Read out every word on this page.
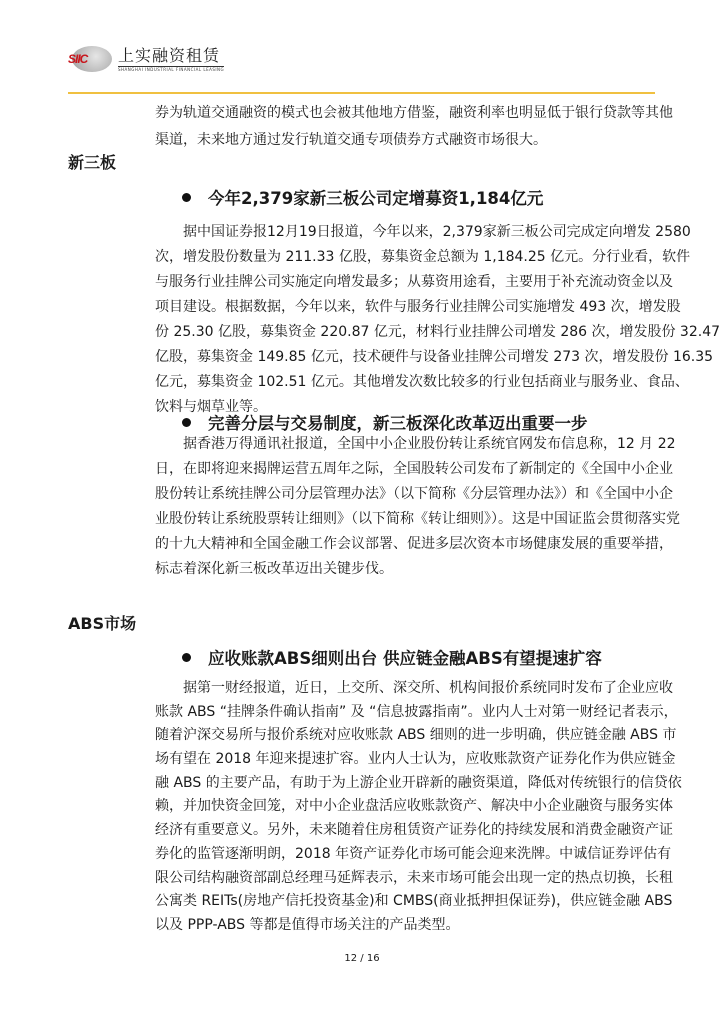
SIIC 上实融资租赁
SHANGHAI INDUSTRIAL FINANCIAL LEASING
券为轨道交通融资的模式也会被其他地方借鉴，融资利率也明显低于银行贷款等其他
渠道，未来地方通过发行轨道交通专项债券方式融资市场很大。
新三板
今年2,379家新三板公司定增募资1,184亿元
　　据中国证券报12月19日报道，今年以来，2,379家新三板公司完成定向增发 2580
次，增发股份数量为 211.33 亿股，募集资金总额为 1,184.25 亿元。分行业看，软件
与服务行业挂牌公司实施定向增发最多；从募资用途看，主要用于补充流动资金以及
项目建设。根据数据，今年以来，软件与服务行业挂牌公司实施增发 493 次，增发股
份 25.30 亿股，募集资金 220.87 亿元，材料行业挂牌公司增发 286 次，增发股份 32.47
亿股，募集资金 149.85 亿元，技术硬件与设备业挂牌公司增发 273 次，增发股份 16.35
亿元，募集资金 102.51 亿元。其他增发次数比较多的行业包括商业与服务业、食品、
饮料与烟草业等。
完善分层与交易制度，新三板深化改革迈出重要一步
　　据香港万得通讯社报道，全国中小企业股份转让系统官网发布信息称，12 月 22
日，在即将迎来揭牌运营五周年之际，全国股转公司发布了新制定的《全国中小企业
股份转让系统挂牌公司分层管理办法》（以下简称《分层管理办法》）和《全国中小企
业股份转让系统股票转让细则》（以下简称《转让细则》）。这是中国证监会贯彻落实党
的十九大精神和全国金融工作会议部署、促进多层次资本市场健康发展的重要举措，
标志着深化新三板改革迈出关键步伐。
ABS市场
应收账款ABS细则出台 供应链金融ABS有望提速扩容
　　据第一财经报道，近日，上交所、深交所、机构间报价系统同时发布了企业应收
账款 ABS “挂牌条件确认指南” 及 “信息披露指南”。业内人士对第一财经记者表示，
随着沪深交易所与报价系统对应收账款 ABS 细则的进一步明确，供应链金融 ABS 市
场有望在 2018 年迎来提速扩容。业内人士认为，应收账款资产证券化作为供应链金
融 ABS 的主要产品，有助于为上游企业开辟新的融资渠道，降低对传统银行的信贷依
赖，并加快资金回笼，对中小企业盘活应收账款资产、解决中小企业融资与服务实体
经济有重要意义。另外，未来随着住房租赁资产证券化的持续发展和消费金融资产证
券化的监管逐渐明朗，2018 年资产证券化市场可能会迎来洗牌。中诚信证券评估有
限公司结构融资部副总经理马延辉表示，未来市场可能会出现一定的热点切换，长租
公寓类 REITs(房地产信托投资基金)和 CMBS(商业抵押担保证券)，供应链金融 ABS
以及 PPP-ABS 等都是值得市场关注的产品类型。
12 / 16
